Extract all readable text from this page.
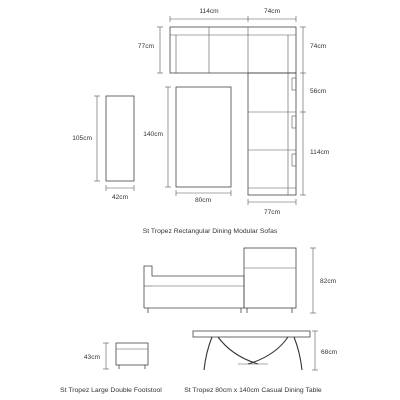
114cm	74cm
77cm	74cm
56cm
114cm
77cm
105cm
42cm
140cm
80cm
St Tropez Rectangular Dining Modular Sofas
82cm
43cm
68cm
St Tropez Large Double Footstool	St Tropez 80cm x 140cm Casual Dining Table
